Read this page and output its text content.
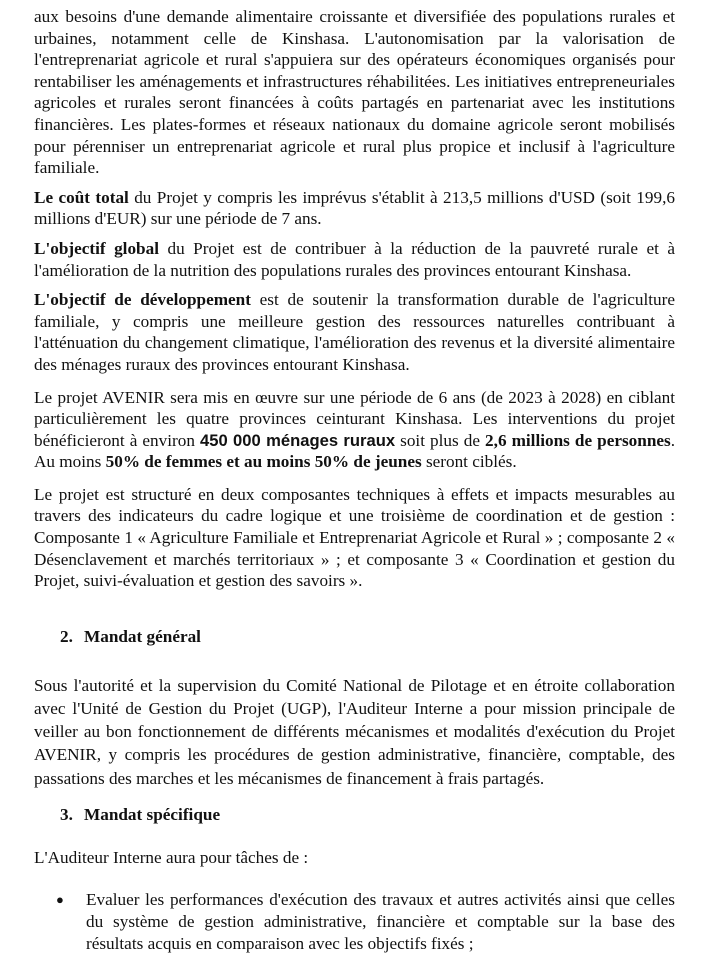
aux besoins d'une demande alimentaire croissante et diversifiée des populations rurales et urbaines, notamment celle de Kinshasa. L'autonomisation par la valorisation de l'entreprenariat agricole et rural s'appuiera sur des opérateurs économiques organisés pour rentabiliser les aménagements et infrastructures réhabilitées. Les initiatives entrepreneuriales agricoles et rurales seront financées à coûts partagés en partenariat avec les institutions financières. Les plates-formes et réseaux nationaux du domaine agricole seront mobilisés pour pérenniser un entreprenariat agricole et rural plus propice et inclusif à l'agriculture familiale.

Le coût total du Projet y compris les imprévus s'établit à 213,5 millions d'USD (soit 199,6 millions d'EUR) sur une période de 7 ans.

L'objectif global du Projet est de contribuer à la réduction de la pauvreté rurale et à l'amélioration de la nutrition des populations rurales des provinces entourant Kinshasa.

L'objectif de développement est de soutenir la transformation durable de l'agriculture familiale, y compris une meilleure gestion des ressources naturelles contribuant à l'atténuation du changement climatique, l'amélioration des revenus et la diversité alimentaire des ménages ruraux des provinces entourant Kinshasa.

Le projet AVENIR sera mis en œuvre sur une période de 6 ans (de 2023 à 2028) en ciblant particulièrement les quatre provinces ceinturant Kinshasa. Les interventions du projet bénéficieront à environ 450 000 ménages ruraux soit plus de 2,6 millions de personnes. Au moins 50% de femmes et au moins 50% de jeunes seront ciblés.

Le projet est structuré en deux composantes techniques à effets et impacts mesurables au travers des indicateurs du cadre logique et une troisième de coordination et de gestion : Composante 1 « Agriculture Familiale et Entreprenariat Agricole et Rural » ; composante 2 « Désenclavement et marchés territoriaux » ; et composante 3 « Coordination et gestion du Projet, suivi-évaluation et gestion des savoirs ».

2. Mandat général

Sous l'autorité et la supervision du Comité National de Pilotage et en étroite collaboration avec l'Unité de Gestion du Projet (UGP), l'Auditeur Interne a pour mission principale de veiller au bon fonctionnement de différents mécanismes et modalités d'exécution du Projet AVENIR, y compris les procédures de gestion administrative, financière, comptable, des passations des marches et les mécanismes de financement à frais partagés.

3. Mandat spécifique

L'Auditeur Interne aura pour tâches de :

●	Evaluer les performances d'exécution des travaux et autres activités ainsi que celles du système de gestion administrative, financière et comptable sur la base des résultats acquis en comparaison avec les objectifs fixés ;
